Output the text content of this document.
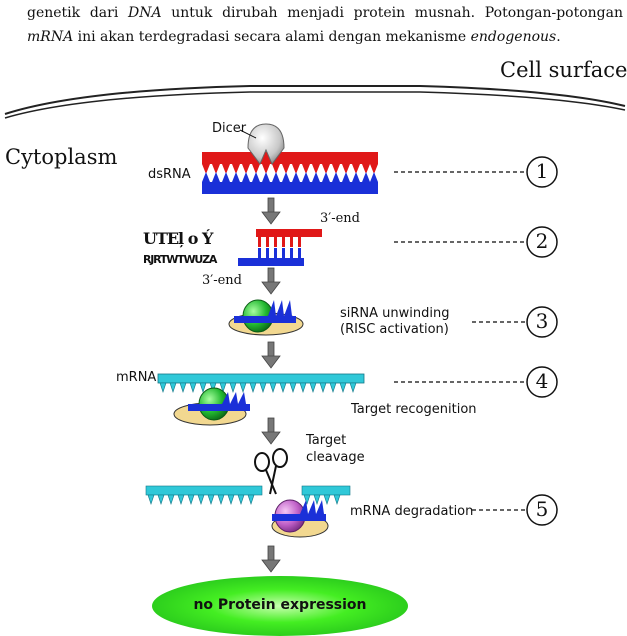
genetik dari DNA untuk dirubah menjadi protein musnah. Potongan-potongan
mRNA ini akan terdegradasi secara alami dengan mekanisme endogenous.
Cell surface
Cytoplasm
Dicer
dsRNA
3′-end
3′-end
UTEļ o Ý
RJRTWTWUZA
siRNA unwinding
(RISC activation)
mRNA
Target recogenition
Target
cleavage
mRNA degradation
no Protein expression
1
2
3
4
5
